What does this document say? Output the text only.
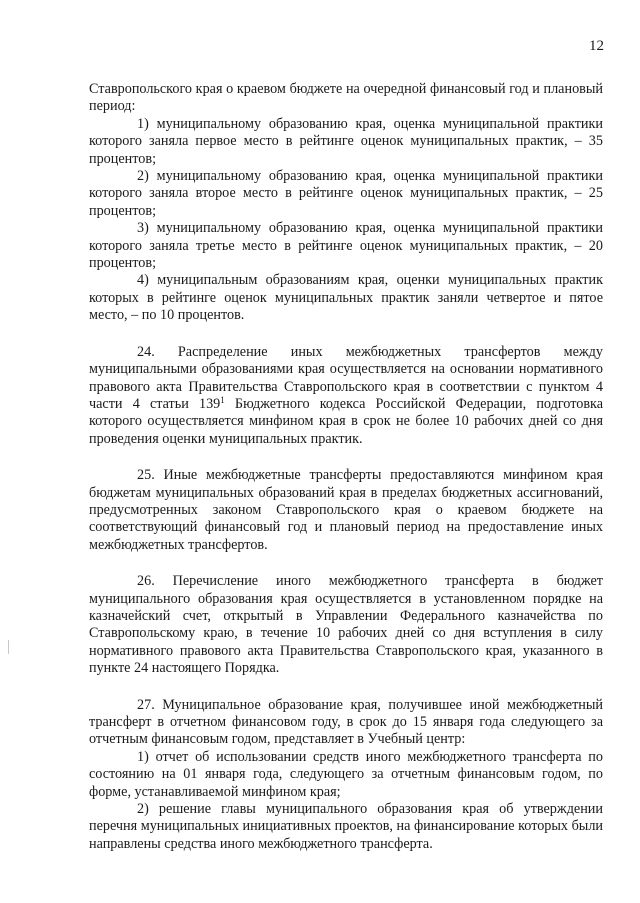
12

Ставропольского края о краевом бюджете на очередной финансовый год и плановый период:

1) муниципальному образованию края, оценка муниципальной практики которого заняла первое место в рейтинге оценок муниципальных практик, – 35 процентов;

2) муниципальному образованию края, оценка муниципальной практики которого заняла второе место в рейтинге оценок муниципальных практик, – 25 процентов;

3) муниципальному образованию края, оценка муниципальной практики которого заняла третье место в рейтинге оценок муниципальных практик, – 20 процентов;

4) муниципальным образованиям края, оценки муниципальных практик которых в рейтинге оценок муниципальных практик заняли четвертое и пятое место, – по 10 процентов.

24. Распределение иных межбюджетных трансфертов между муниципальными образованиями края осуществляется на основании нормативного правового акта Правительства Ставропольского края в соответствии с пунктом 4 части 4 статьи $139^1$ Бюджетного кодекса Российской Федерации, подготовка которого осуществляется минфином края в срок не более 10 рабочих дней со дня проведения оценки муниципальных практик.

25. Иные межбюджетные трансферты предоставляются минфином края бюджетам муниципальных образований края в пределах бюджетных ассигнований, предусмотренных законом Ставропольского края о краевом бюджете на соответствующий финансовый год и плановый период на предоставление иных межбюджетных трансфертов.

26. Перечисление иного межбюджетного трансферта в бюджет муниципального образования края осуществляется в установленном порядке на казначейский счет, открытый в Управлении Федерального казначейства по Ставропольскому краю, в течение 10 рабочих дней со дня вступления в силу нормативного правового акта Правительства Ставропольского края, указанного в пункте 24 настоящего Порядка.

27. Муниципальное образование края, получившее иной межбюджетный трансферт в отчетном финансовом году, в срок до 15 января года следующего за отчетным финансовым годом, представляет в Учебный центр:

1) отчет об использовании средств иного межбюджетного трансферта по состоянию на 01 января года, следующего за отчетным финансовым годом, по форме, устанавливаемой минфином края;

2) решение главы муниципального образования края об утверждении перечня муниципальных инициативных проектов, на финансирование которых были направлены средства иного межбюджетного трансферта.
